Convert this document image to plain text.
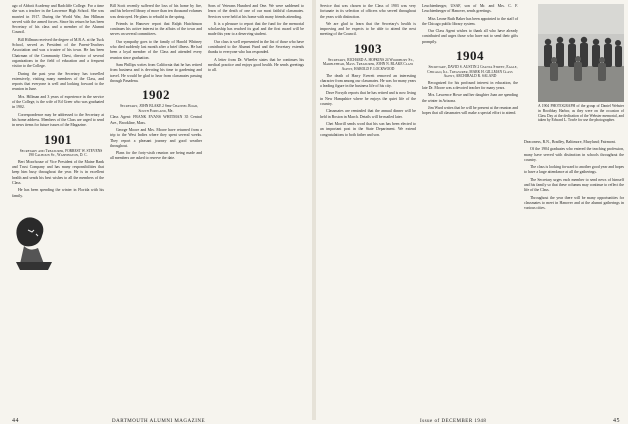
ago of Abbott Academy and Radcliffe College. For a time she was a teacher in the Lawrence High School. She was married in 1917. During the World War, Jim Hillman served with the armed forces. Since his return he has been Secretary of his class and a member of the Alumni Council.

Bill Hillman received the degree of M.B.A. at the Tuck School, served as President of the Parent-Teachers Association and was a trustee of his town. He has been Chairman of the Community Chest, director of several organizations in the field of education and a frequent visitor to the College.

During the past year the Secretary has travelled extensively, visiting many members of the Class, and reports that everyone is well and looking forward to the reunion in June.

Mrs. Hillman and 3 years of experience in the service of the College, is the wife of Ed Greer who was graduated in 1902.

Correspondence may be addressed to the Secretary at his home address. Members of the Class are urged to send in news items for future issues of the Magazine.

1901

Secretary and Treasurer, FORREST W. STEVENS 190 Calhoun St., Washington, D. C.

Bert Moorhouse of Vice President of the Maine Bank and Trust Company and has many responsibilities that keep him busy throughout the year. He is in excellent health and sends his best wishes to all the members of the Class.

He has been spending the winter in Florida with his family.

Bill Scott recently suffered the loss of his home by fire, and his beloved library of more than ten thousand volumes was destroyed. He plans to rebuild in the spring.

Friends in Hanover report that Ralph Hutchinson continues his active interest in the affairs of the town and serves on several committees.

Our sympathy goes to the family of Harold Whitney who died suddenly last month after a brief illness. He had been a loyal member of the Class and attended every reunion since graduation.

Sam Phillips writes from California that he has retired from business and is devoting his time to gardening and travel. He would be glad to hear from classmates passing through Pasadena.

1902

Secretary, JOHN BLAKE 2 Ship Channel Road, South Portland, Me.

Class Agent: FRANK EVANS WHITMAN 35 Central Ave., Brookline, Mass.

George Moore and Mrs. Moore have returned from a trip to the West Indies where they spent several weeks. They report a pleasant journey and good weather throughout.

Plans for the forty-sixth reunion are being made and all members are asked to reserve the date.

Sons of Veterans Hundred and One. We were saddened to learn of the death of one of our most faithful classmates. Services were held at his home with many friends attending.

It is a pleasure to report that the fund for the memorial scholarship has reached its goal and the first award will be made this year to a deserving student.

Our class is well represented in the list of those who have contributed to the Alumni Fund and the Secretary extends thanks to everyone who has responded.

A letter from Dr. Wheeler states that he continues his medical practice and enjoys good health. He sends greetings to all.

44	DARTMOUTH ALUMNI MAGAZINE

Service that was chosen to the Class of 1903 was very fortunate in its selection of officers who served throughout the years with distinction.

We are glad to learn that the Secretary's health is improving and he expects to be able to attend the next meeting of the Council.

1903

Secretary, RICHARD A. HOPKINS 24 Woodbury St., Marblehead, Mass. Treasurer, JOHN N. BLAKE Class Agent, HAROLD F. LOCKWOOD

The death of Harry Everett removed an interesting character from among our classmates. He was for many years a leading figure in the business life of his city.

Dave Forsyth reports that he has retired and is now living in New Hampshire where he enjoys the quiet life of the country.

Classmates are reminded that the annual dinner will be held in Boston in March. Details will be mailed later.

Chet Morrill sends word that his son has been elected to an important post in the State Department. We extend congratulations to both father and son.

Leuchtenberger, USAF, son of Mr. and Mrs. C. F. Leuchtenberger of Hanover, sends greetings.

Miss Leone Ruth Baker has been appointed to the staff of the Chicago public library system.

Our Class Agent wishes to thank all who have already contributed and urges those who have not to send their gifts promptly.

1904

Secretary, DAVID S. AUSTIN 2 Ceanta Street, Eagle, Chicago, Ill. Treasurer, MARK H. GILLMAN Class Agent, ARCHIBALD R. SALAND

Recognized for his profound interest in education, the late Dr. Moore was a devoted teacher for many years.

Mrs. Lawrence Howe and her daughter Joan are spending the winter in Arizona.

Jim Ward writes that he will be present at the reunion and hopes that all classmates will make a special effort to attend.

A 1904 PHOTOGRAPH of the group of Daniel Webster in Boothbay Harbor, as they were on the occasion of Class Day at the dedication of the Webster memorial, and taken by Edward L. Towle for use the photographer.

Deaconess, R.N., Bradley, Baltimore, Maryland; Fairmont.

Of the 1904 graduates who entered the teaching profession, many have served with distinction in schools throughout the country.

The class is looking forward to another good year and hopes to have a large attendance at all the gatherings.

The Secretary urges each member to send news of himself and his family so that these columns may continue to reflect the life of the Class.

Throughout the year there will be many opportunities for classmates to meet in Hanover and at the alumni gatherings in various cities.

Issue of DECEMBER 1948	45
